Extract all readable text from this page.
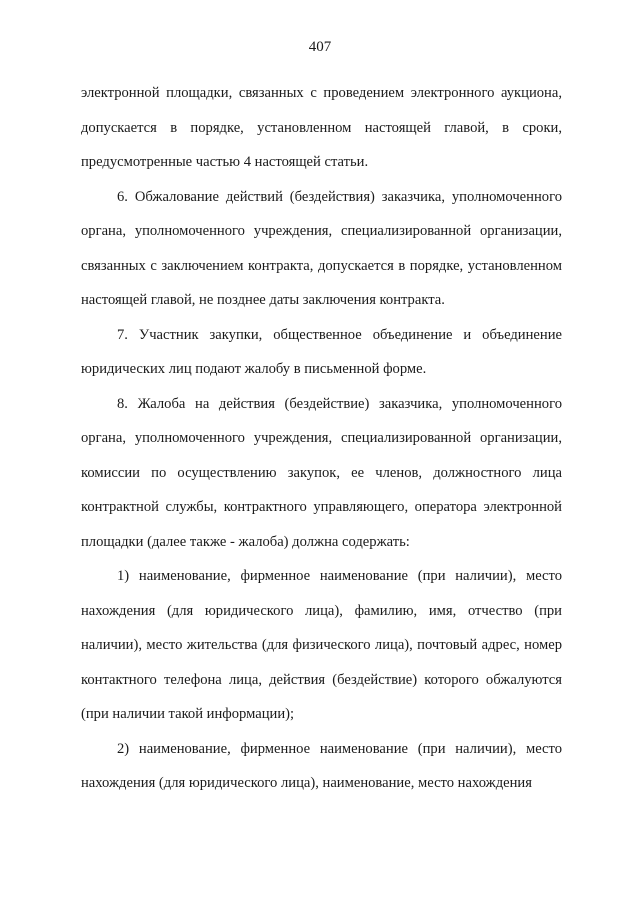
407

электронной площадки, связанных с проведением электронного аукциона, допускается в порядке, установленном настоящей главой, в сроки, предусмотренные частью 4 настоящей статьи.

6. Обжалование действий (бездействия) заказчика, уполномоченного органа, уполномоченного учреждения, специализированной организации, связанных с заключением контракта, допускается в порядке, установленном настоящей главой, не позднее даты заключения контракта.

7. Участник закупки, общественное объединение и объединение юридических лиц подают жалобу в письменной форме.

8. Жалоба на действия (бездействие) заказчика, уполномоченного органа, уполномоченного учреждения, специализированной организации, комиссии по осуществлению закупок, ее членов, должностного лица контрактной службы, контрактного управляющего, оператора электронной площадки (далее также - жалоба) должна содержать:

1) наименование, фирменное наименование (при наличии), место нахождения (для юридического лица), фамилию, имя, отчество (при наличии), место жительства (для физического лица), почтовый адрес, номер контактного телефона лица, действия (бездействие) которого обжалуются (при наличии такой информации);

2) наименование, фирменное наименование (при наличии), место нахождения (для юридического лица), наименование, место нахождения
